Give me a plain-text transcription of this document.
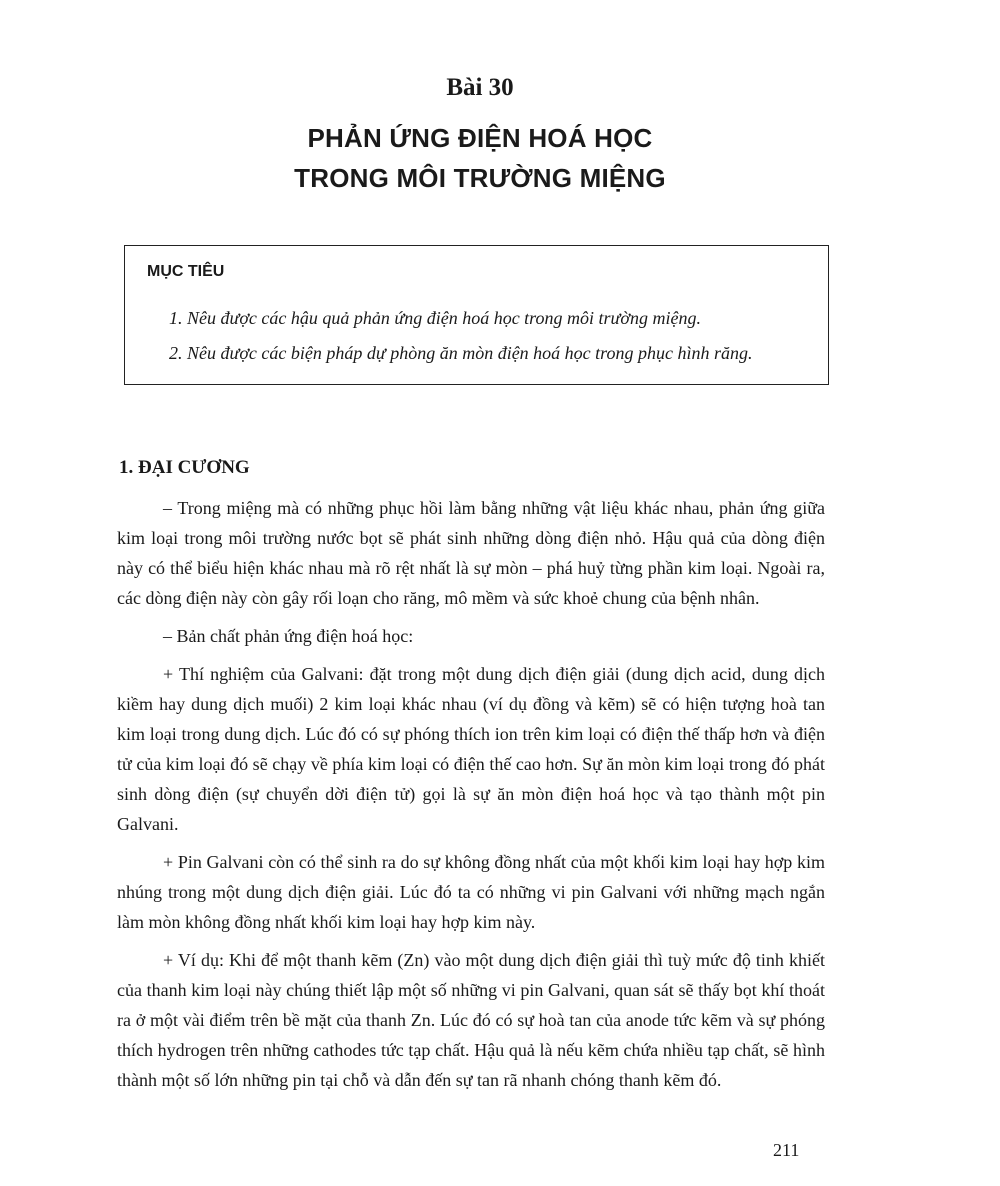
Bài 30
PHẢN ỨNG ĐIỆN HOÁ HỌC
TRONG MÔI TRƯỜNG MIỆNG
MỤC TIÊU
1. Nêu được các hậu quả phản ứng điện hoá học trong môi trường miệng.
2. Nêu được các biện pháp dự phòng ăn mòn điện hoá học trong phục hình răng.
1. ĐẠI CƯƠNG

– Trong miệng mà có những phục hồi làm bằng những vật liệu khác nhau, phản ứng giữa kim loại trong môi trường nước bọt sẽ phát sinh những dòng điện nhỏ. Hậu quả của dòng điện này có thể biểu hiện khác nhau mà rõ rệt nhất là sự mòn – phá huỷ từng phần kim loại. Ngoài ra, các dòng điện này còn gây rối loạn cho răng, mô mềm và sức khoẻ chung của bệnh nhân.

– Bản chất phản ứng điện hoá học:

+ Thí nghiệm của Galvani: đặt trong một dung dịch điện giải (dung dịch acid, dung dịch kiềm hay dung dịch muối) 2 kim loại khác nhau (ví dụ đồng và kẽm) sẽ có hiện tượng hoà tan kim loại trong dung dịch. Lúc đó có sự phóng thích ion trên kim loại có điện thế thấp hơn và điện tử của kim loại đó sẽ chạy về phía kim loại có điện thế cao hơn. Sự ăn mòn kim loại trong đó phát sinh dòng điện (sự chuyển dời điện tử) gọi là sự ăn mòn điện hoá học và tạo thành một pin Galvani.

+ Pin Galvani còn có thể sinh ra do sự không đồng nhất của một khối kim loại hay hợp kim nhúng trong một dung dịch điện giải. Lúc đó ta có những vi pin Galvani với những mạch ngắn làm mòn không đồng nhất khối kim loại hay hợp kim này.

+ Ví dụ: Khi để một thanh kẽm (Zn) vào một dung dịch điện giải thì tuỳ mức độ tinh khiết của thanh kim loại này chúng thiết lập một số những vi pin Galvani, quan sát sẽ thấy bọt khí thoát ra ở một vài điểm trên bề mặt của thanh Zn. Lúc đó có sự hoà tan của anode tức kẽm và sự phóng thích hydrogen trên những cathodes tức tạp chất. Hậu quả là nếu kẽm chứa nhiều tạp chất, sẽ hình thành một số lớn những pin tại chỗ và dẫn đến sự tan rã nhanh chóng thanh kẽm đó.

211
